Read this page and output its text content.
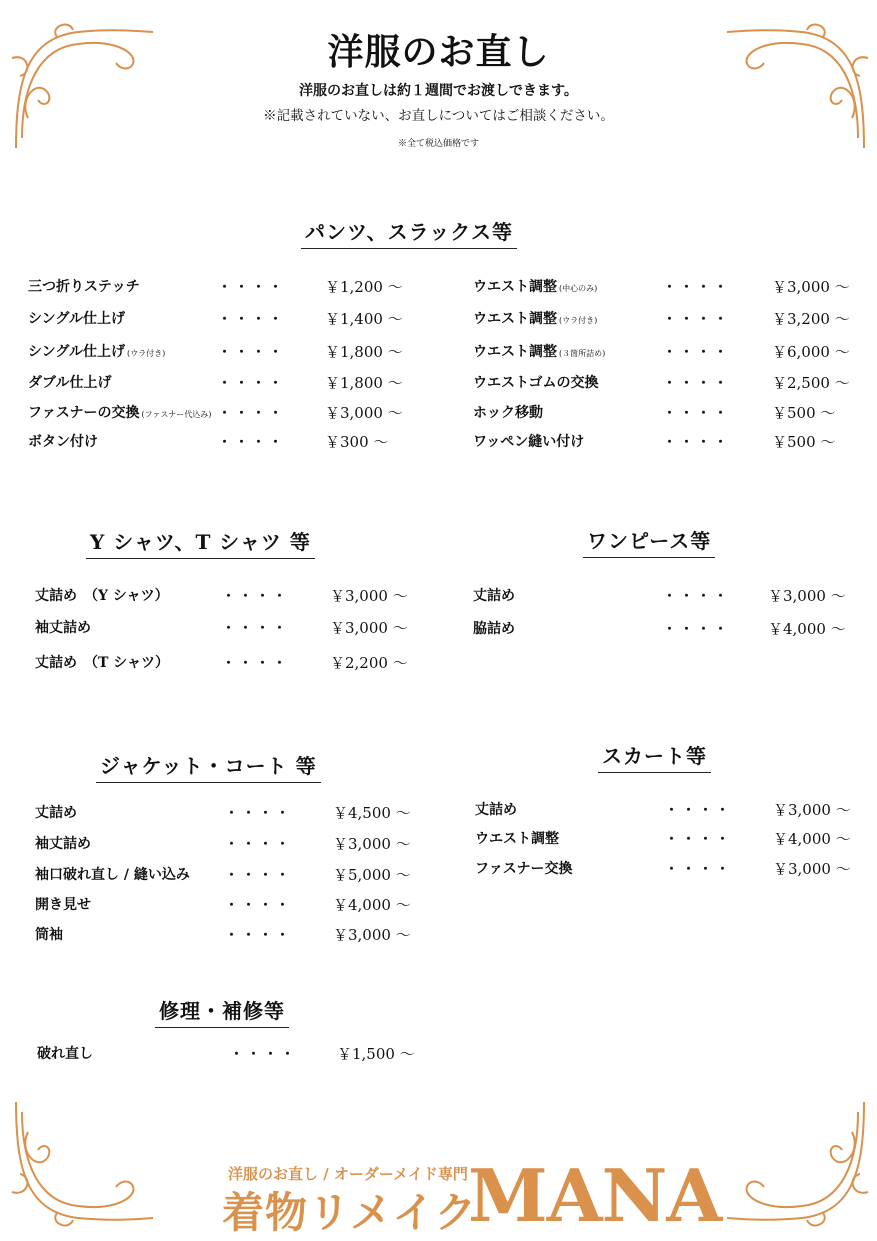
洋服のお直し
洋服のお直しは約１週間でお渡しできます。
※記載されていない、お直しについてはご相談ください。
※全て税込価格です
パンツ、スラックス等
三つ折りステッチ	・・・・	￥1,200 ～
シングル仕上げ	・・・・	￥1,400 ～
シングル仕上げ (ウラ付き)	・・・・	￥1,800 ～
ダブル仕上げ	・・・・	￥1,800 ～
ファスナーの交換 (ファスナー代込み) ・・・・	￥3,000 ～
ボタン付け	・・・・	￥300 ～
ウエスト調整 (中心のみ)	・・・・	￥3,000 ～
ウエスト調整 (ウラ付き)	・・・・	￥3,200 ～
ウエスト調整 (３箇所詰め)	・・・・	￥6,000 ～
ウエストゴムの交換	・・・・	￥2,500 ～
ホック移動	・・・・	￥500 ～
ワッペン縫い付け	・・・・	￥500 ～
Y シャツ、T シャツ 等
丈詰め　（Y シャツ）	・・・・	￥3,000 ～
袖丈詰め	・・・・	￥3,000 ～
丈詰め　（T シャツ）	・・・・	￥2,200 ～
ワンピース等
丈詰め	・・・・ ￥3,000 ～
脇詰め	・・・・ ￥4,000 ～
ジャケット・コート 等
丈詰め	・・・・	￥4,500 ～
袖丈詰め	・・・・	￥3,000 ～
袖口破れ直し / 縫い込み	・・・・	￥5,000 ～
開き見せ	・・・・	￥4,000 ～
筒袖	・・・・	￥3,000 ～
スカート等
丈詰め	・・・・	￥3,000 ～
ウエスト調整	・・・・	￥4,000 ～
ファスナー交換	・・・・	￥3,000 ～
修理・補修等
破れ直し	・・・・	￥1,500 ～
洋服のお直し / オーダーメイド専門
着物リメイク
MANA
